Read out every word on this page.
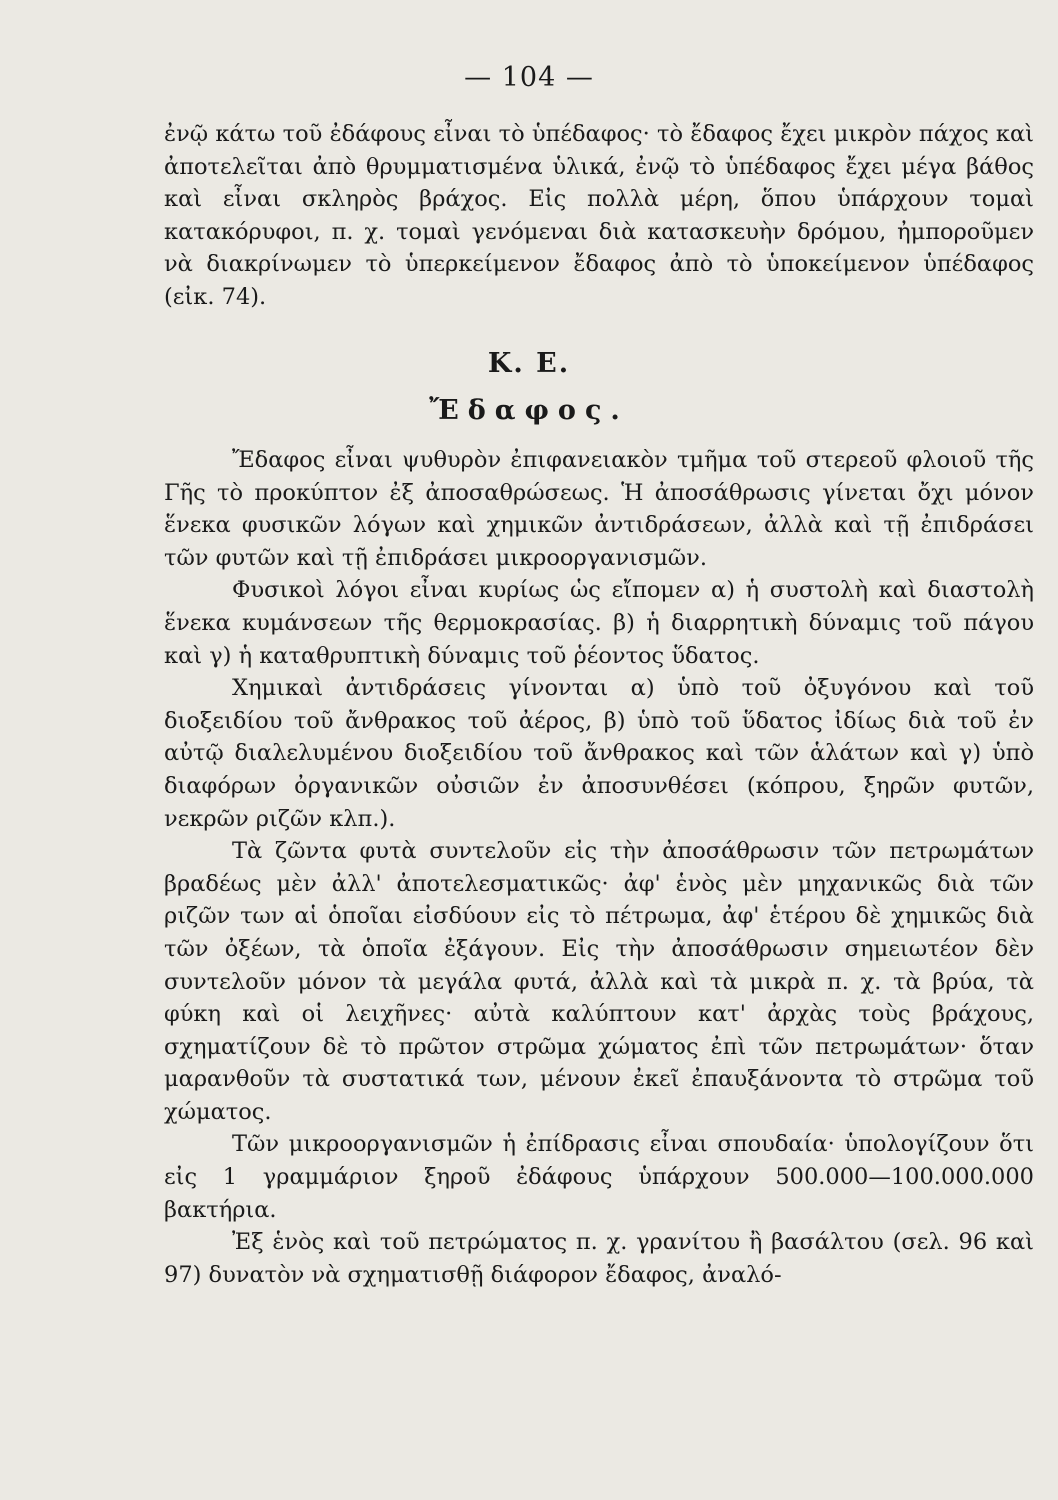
— 104 —

ἐνῷ κάτω τοῦ ἐδάφους εἶναι τὸ ὑπέδαφος· τὸ ἔδαφος ἔχει μικρὸν πάχος καὶ ἀποτελεῖται ἀπὸ θρυμματισμένα ὑλικά, ἐνῷ τὸ ὑπέδαφος ἔχει μέγα βάθος καὶ εἶναι σκληρὸς βράχος. Εἰς πολλὰ μέρη, ὅπου ὑπάρχουν τομαὶ κατακόρυφοι, π. χ. τομαὶ γενόμεναι διὰ κατασκευὴν δρόμου, ἠμποροῦμεν νὰ διακρίνωμεν τὸ ὑπερκείμενον ἔδαφος ἀπὸ τὸ ὑποκείμενον ὑπέδαφος (εἰκ. 74).

Κ. Ε.
Ἔδαφος.

Ἔδαφος εἶναι ψυθυρὸν ἐπιφανειακὸν τμῆμα τοῦ στερεοῦ φλοιοῦ τῆς Γῆς τὸ προκύπτον ἐξ ἀποσαθρώσεως. Ἡ ἀποσάθρωσις γίνεται ὄχι μόνον ἕνεκα φυσικῶν λόγων καὶ χημικῶν ἀντιδράσεων, ἀλλὰ καὶ τῇ ἐπιδράσει τῶν φυτῶν καὶ τῇ ἐπιδράσει μικροοργανισμῶν.

Φυσικοὶ λόγοι εἶναι κυρίως ὡς εἴπομεν α) ἡ συστολὴ καὶ διαστολὴ ἕνεκα κυμάνσεων τῆς θερμοκρασίας. β) ἡ διαρρητικὴ δύναμις τοῦ πάγου καὶ γ) ἡ καταθρυπτικὴ δύναμις τοῦ ῥέοντος ὕδατος.

Χημικαὶ ἀντιδράσεις γίνονται α) ὑπὸ τοῦ ὀξυγόνου καὶ τοῦ διοξειδίου τοῦ ἄνθρακος τοῦ ἀέρος, β) ὑπὸ τοῦ ὕδατος ἰδίως διὰ τοῦ ἐν αὐτῷ διαλελυμένου διοξειδίου τοῦ ἄνθρακος καὶ τῶν ἁλάτων καὶ γ) ὑπὸ διαφόρων ὀργανικῶν οὐσιῶν ἐν ἀποσυνθέσει (κόπρου, ξηρῶν φυτῶν, νεκρῶν ριζῶν κλπ.).

Τὰ ζῶντα φυτὰ συντελοῦν εἰς τὴν ἀποσάθρωσιν τῶν πετρωμάτων βραδέως μὲν ἀλλ' ἀποτελεσματικῶς· ἀφ' ἑνὸς μὲν μηχανικῶς διὰ τῶν ριζῶν των αἱ ὁποῖαι εἰσδύουν εἰς τὸ πέτρωμα, ἀφ' ἑτέρου δὲ χημικῶς διὰ τῶν ὀξέων, τὰ ὁποῖα ἐξάγουν. Εἰς τὴν ἀποσάθρωσιν σημειωτέον δὲν συντελοῦν μόνον τὰ μεγάλα φυτά, ἀλλὰ καὶ τὰ μικρὰ π. χ. τὰ βρύα, τὰ φύκη καὶ οἱ λειχῆνες· αὐτὰ καλύπτουν κατ' ἀρχὰς τοὺς βράχους, σχηματίζουν δὲ τὸ πρῶτον στρῶμα χώματος ἐπὶ τῶν πετρωμάτων· ὅταν μαρανθοῦν τὰ συστατικά των, μένουν ἐκεῖ ἐπαυξάνοντα τὸ στρῶμα τοῦ χώματος.

Τῶν μικροοργανισμῶν ἡ ἐπίδρασις εἶναι σπουδαία· ὑπολογίζουν ὅτι εἰς 1 γραμμάριον ξηροῦ ἐδάφους ὑπάρχουν 500.000—100.000.000 βακτήρια.

Ἐξ ἑνὸς καὶ τοῦ πετρώματος π. χ. γρανίτου ἢ βασάλτου (σελ. 96 καὶ 97) δυνατὸν νὰ σχηματισθῇ διάφορον ἔδαφος, ἀναλό-
